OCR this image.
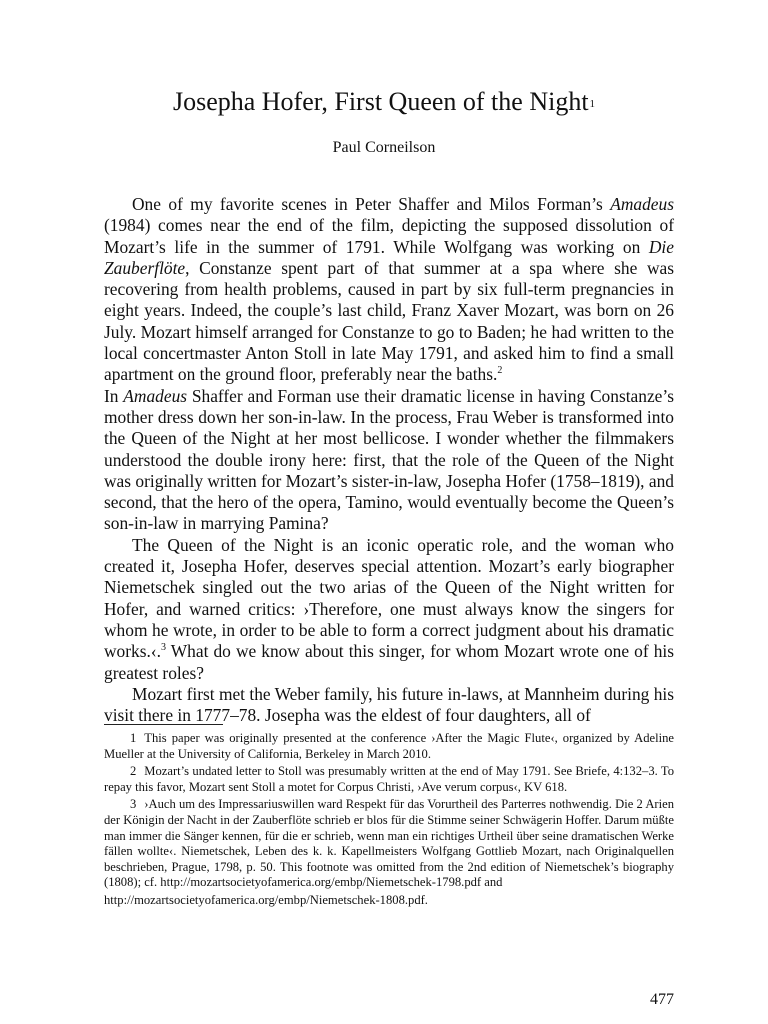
Josepha Hofer, First Queen of the Night$^1$
Paul Corneilson

One of my favorite scenes in Peter Shaffer and Milos Forman’s Amadeus (1984) comes near the end of the film, depicting the supposed dissolution of Mozart’s life in the summer of 1791. While Wolfgang was working on Die Zauberflöte, Constanze spent part of that summer at a spa where she was recovering from health problems, caused in part by six full-term pregnancies in eight years. Indeed, the couple’s last child, Franz Xaver Mozart, was born on 26 July. Mozart himself arranged for Constanze to go to Baden; he had written to the local concertmaster Anton Stoll in late May 1791, and asked him to find a small apartment on the ground floor, preferably near the baths.$^2$
In Amadeus Shaffer and Forman use their dramatic license in having Constanze’s mother dress down her son-in-law. In the process, Frau Weber is transformed into the Queen of the Night at her most bellicose. I wonder whether the filmmakers understood the double irony here: first, that the role of the Queen of the Night was originally written for Mozart’s sister-in-law, Josepha Hofer (1758–1819), and second, that the hero of the opera, Tamino, would eventually become the Queen’s son-in-law in marrying Pamina?

The Queen of the Night is an iconic operatic role, and the woman who created it, Josepha Hofer, deserves special attention. Mozart’s early biographer Niemetschek singled out the two arias of the Queen of the Night written for Hofer, and warned critics: ›Therefore, one must always know the singers for whom he wrote, in order to be able to form a correct judgment about his dramatic works.‹.$^3$ What do we know about this singer, for whom Mozart wrote one of his greatest roles?

Mozart first met the Weber family, his future in-laws, at Mannheim during his visit there in 1777–78. Josepha was the eldest of four daughters, all of

1 This paper was originally presented at the conference ›After the Magic Flute‹, organized by Adeline Mueller at the University of California, Berkeley in March 2010.

2 Mozart’s undated letter to Stoll was presumably written at the end of May 1791. See Briefe, 4:132–3. To repay this favor, Mozart sent Stoll a motet for Corpus Christi, ›Ave verum corpus‹, KV 618.

3 ›Auch um des Impressariuswillen ward Respekt für das Vorurtheil des Parterres nothwendig. Die 2 Arien der Königin der Nacht in der Zauberflöte schrieb er blos für die Stimme seiner Schwägerin Hoffer. Darum müßte man immer die Sänger kennen, für die er schrieb, wenn man ein richtiges Urtheil über seine dramatischen Werke fällen wollte‹. Niemetschek, Leben des k. k. Kapellmeisters Wolfgang Gottlieb Mozart, nach Originalquellen beschrieben, Prague, 1798, p. 50. This footnote was omitted from the 2nd edition of Niemetschek’s biography (1808); cf. http://mozartsocietyofamerica.org/embp/Niemetschek-1798.pdf and

http://mozartsocietyofamerica.org/embp/Niemetschek-1808.pdf.

477
